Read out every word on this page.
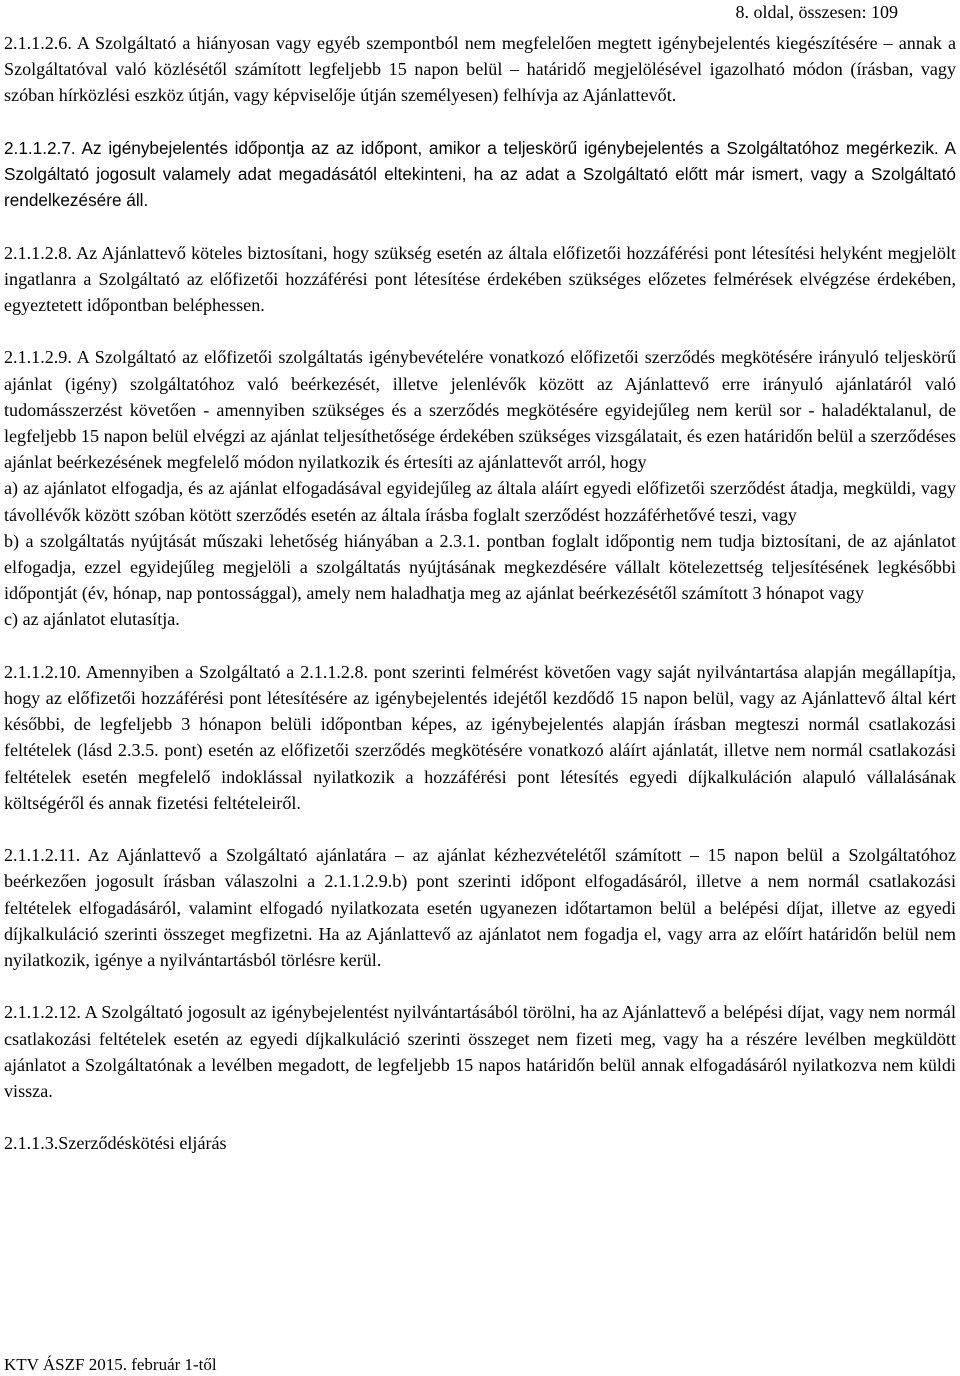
8. oldal, összesen: 109

2.1.1.2.6. A Szolgáltató a hiányosan vagy egyéb szempontból nem megfelelően megtett igénybejelentés kiegészítésére – annak a Szolgáltatóval való közlésétől számított legfeljebb 15 napon belül – határidő megjelölésével igazolható módon (írásban, vagy szóban hírközlési eszköz útján, vagy képviselője útján személyesen) felhívja az Ajánlattevőt.

2.1.1.2.7. Az igénybejelentés időpontja az az időpont, amikor a teljeskörű igénybejelentés a Szolgáltatóhoz megérkezik. A Szolgáltató jogosult valamely adat megadásától eltekinteni, ha az adat a Szolgáltató előtt már ismert, vagy a Szolgáltató rendelkezésére áll.

2.1.1.2.8. Az Ajánlattevő köteles biztosítani, hogy szükség esetén az általa előfizetői hozzáférési pont létesítési helyként megjelölt ingatlanra a Szolgáltató az előfizetői hozzáférési pont létesítése érdekében szükséges előzetes felmérések elvégzése érdekében, egyeztetett időpontban beléphessen.

2.1.1.2.9. A Szolgáltató az előfizetői szolgáltatás igénybevételére vonatkozó előfizetői szerződés megkötésére irányuló teljeskörű ajánlat (igény) szolgáltatóhoz való beérkezését, illetve jelenlévők között az Ajánlattevő erre irányuló ajánlatáról való tudomásszerzést követően - amennyiben szükséges és a szerződés megkötésére egyidejűleg nem kerül sor - haladéktalanul, de legfeljebb 15 napon belül elvégzi az ajánlat teljesíthetősége érdekében szükséges vizsgálatait, és ezen határidőn belül a szerződéses ajánlat beérkezésének megfelelő módon nyilatkozik és értesíti az ajánlattevőt arról, hogy
a) az ajánlatot elfogadja, és az ajánlat elfogadásával egyidejűleg az általa aláírt egyedi előfizetői szerződést átadja, megküldi, vagy távollévők között szóban kötött szerződés esetén az általa írásba foglalt szerződést hozzáférhetővé teszi, vagy
b) a szolgáltatás nyújtását műszaki lehetőség hiányában a 2.3.1. pontban foglalt időpontig nem tudja biztosítani, de az ajánlatot elfogadja, ezzel egyidejűleg megjelöli a szolgáltatás nyújtásának megkezdésére vállalt kötelezettség teljesítésének legkésőbbi időpontját (év, hónap, nap pontossággal), amely nem haladhatja meg az ajánlat beérkezésétől számított 3 hónapot vagy
c) az ajánlatot elutasítja.

2.1.1.2.10. Amennyiben a Szolgáltató a 2.1.1.2.8. pont szerinti felmérést követően vagy saját nyilvántartása alapján megállapítja, hogy az előfizetői hozzáférési pont létesítésére az igénybejelentés idejétől kezdődő 15 napon belül, vagy az Ajánlattevő által kért későbbi, de legfeljebb 3 hónapon belüli időpontban képes, az igénybejelentés alapján írásban megteszi normál csatlakozási feltételek (lásd 2.3.5. pont) esetén az előfizetői szerződés megkötésére vonatkozó aláírt ajánlatát, illetve nem normál csatlakozási feltételek esetén megfelelő indoklással nyilatkozik a hozzáférési pont létesítés egyedi díjkalkuláción alapuló vállalásának költségéről és annak fizetési feltételeiről.

2.1.1.2.11. Az Ajánlattevő a Szolgáltató ajánlatára – az ajánlat kézhezvételétől számított – 15 napon belül a Szolgáltatóhoz beérkezően jogosult írásban válaszolni a 2.1.1.2.9.b) pont szerinti időpont elfogadásáról, illetve a nem normál csatlakozási feltételek elfogadásáról, valamint elfogadó nyilatkozata esetén ugyanezen időtartamon belül a belépési díjat, illetve az egyedi díjkalkuláció szerinti összeget megfizetni. Ha az Ajánlattevő az ajánlatot nem fogadja el, vagy arra az előírt határidőn belül nem nyilatkozik, igénye a nyilvántartásból törlésre kerül.

2.1.1.2.12. A Szolgáltató jogosult az igénybejelentést nyilvántartásából törölni, ha az Ajánlattevő a belépési díjat, vagy nem normál csatlakozási feltételek esetén az egyedi díjkalkuláció szerinti összeget nem fizeti meg, vagy ha a részére levélben megküldött ajánlatot a Szolgáltatónak a levélben megadott, de legfeljebb 15 napos határidőn belül annak elfogadásáról nyilatkozva nem küldi vissza.

2.1.1.3.Szerződéskötési eljárás

KTV ÁSZF 2015. február 1-től
